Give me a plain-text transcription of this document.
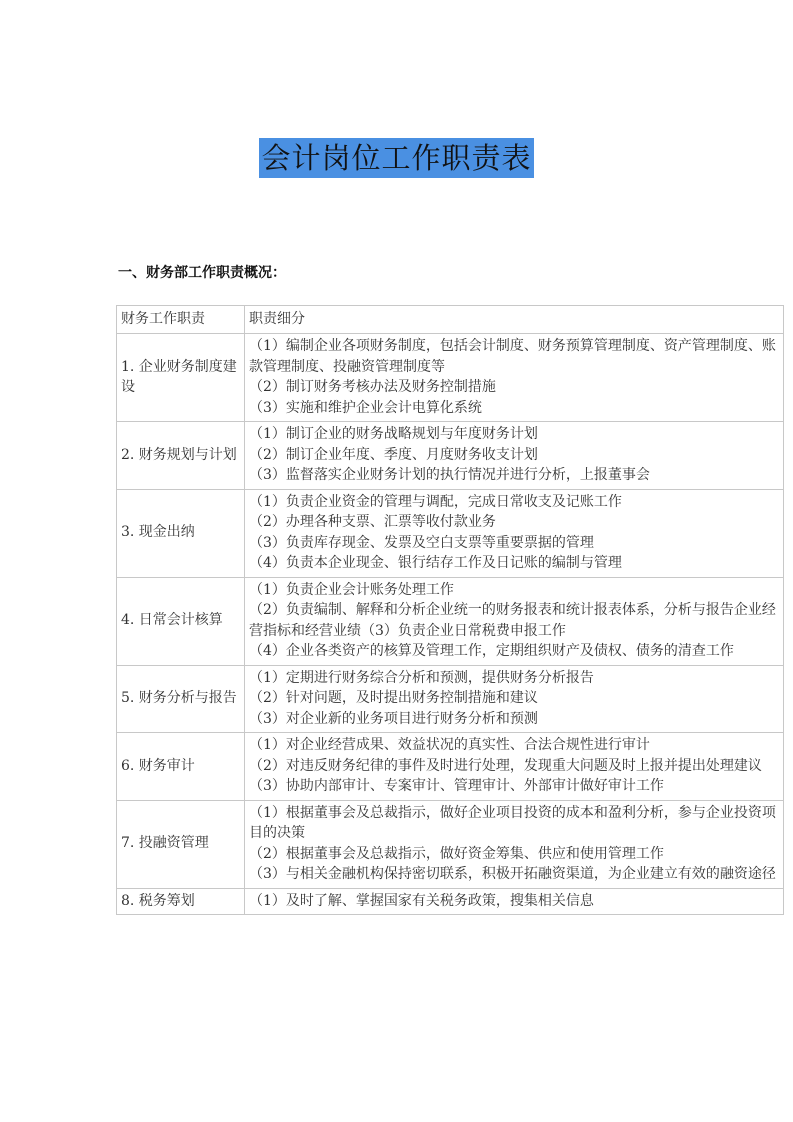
会计岗位工作职责表
一、财务部工作职责概况：
财务工作职责	职责细分
1. 企业财务制度建设	（1）编制企业各项财务制度，包括会计制度、财务预算管理制度、资产管理制度、账款管理制度、投融资管理制度等
（2）制订财务考核办法及财务控制措施
（3）实施和维护企业会计电算化系统

2. 财务规划与计划	（1）制订企业的财务战略规划与年度财务计划
（2）制订企业年度、季度、月度财务收支计划
（3）监督落实企业财务计划的执行情况并进行分析，上报董事会

3. 现金出纳	（1）负责企业资金的管理与调配，完成日常收支及记账工作
（2）办理各种支票、汇票等收付款业务
（3）负责库存现金、发票及空白支票等重要票据的管理
（4）负责本企业现金、银行结存工作及日记账的编制与管理

4. 日常会计核算	（1）负责企业会计账务处理工作
（2）负责编制、解释和分析企业统一的财务报表和统计报表体系，分析与报告企业经营指标和经营业绩（3）负责企业日常税费申报工作
（4）企业各类资产的核算及管理工作，定期组织财产及债权、债务的清查工作

5. 财务分析与报告	（1）定期进行财务综合分析和预测，提供财务分析报告
（2）针对问题，及时提出财务控制措施和建议
（3）对企业新的业务项目进行财务分析和预测

6. 财务审计	（1）对企业经营成果、效益状况的真实性、合法合规性进行审计
（2）对违反财务纪律的事件及时进行处理，发现重大问题及时上报并提出处理建议
（3）协助内部审计、专案审计、管理审计、外部审计做好审计工作

7. 投融资管理	（1）根据董事会及总裁指示，做好企业项目投资的成本和盈利分析，参与企业投资项目的决策
（2）根据董事会及总裁指示，做好资金筹集、供应和使用管理工作
（3）与相关金融机构保持密切联系，积极开拓融资渠道，为企业建立有效的融资途径

8. 税务筹划	（1）及时了解、掌握国家有关税务政策，搜集相关信息
